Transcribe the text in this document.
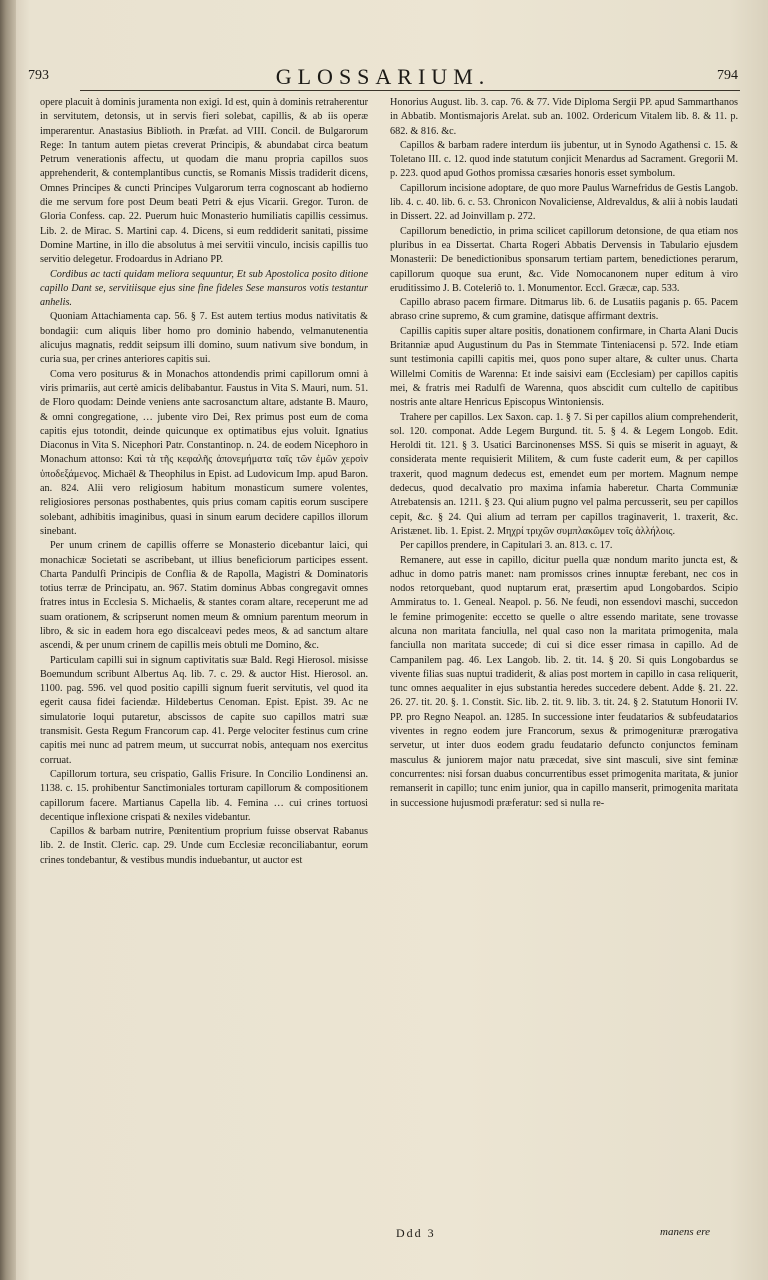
793	GLOSSARIUM.	794

opere placuit à dominis juramenta non exigi. Id est, quin à dominis retraherentur in servitutem, detonsis, ut in servis fieri solebat, capillis, & ab iis operæ imperarentur. Anastasius Biblioth. in Præfat. ad VIII. Concil. de Bulgarorum Rege: In tantum autem pietas creverat Principis, & abundabat circa beatum Petrum venerationis affectu, ut quodam die manu propria capillos suos apprehenderit, & contemplantibus cunctis, se Romanis Missis tradiderit dicens, Omnes Principes & cuncti Principes Vulgarorum terra cognoscant ab hodierno die me servum fore post Deum beati Petri & ejus Vicarii. Gregor. Turon. de Gloria Confess. cap. 22. Puerum huic Monasterio humiliatis capillis cessimus. Lib. 2. de Mirac. S. Martini cap. 4. Dicens, si eum reddiderit sanitati, pissime Domine Martine, in illo die absolutus à mei servitii vinculo, incisis capillis tuo servitio delegetur. Frodoardus in Adriano PP.

Cordibus ac tacti quidam meliora sequuntur, Et sub Apostolica posito ditione capillo Dant se, servitiisque ejus sine fine fideles Sese mansuros votis testantur anhelis.

Quoniam Attachiamenta cap. 56. § 7. Est autem tertius modus nativitatis & bondagii: cum aliquis liber homo pro dominio habendo, velmanutenentia alicujus magnatis, reddit seipsum illi domino, suum nativum sive bondum, in curia sua, per crines anteriores capitis sui.

Coma vero positurus & in Monachos attondendis primi capillorum omni à viris primariis, aut certè amicis delibabantur. Faustus in Vita S. Mauri, num. 51. de Floro quodam: Deinde veniens ante sacrosanctum altare, adstante B. Mauro, & omni congregatione, … jubente viro Dei, Rex primus post eum de coma capitis ejus totondit, deinde quicunque ex optimatibus ejus voluit. Ignatius Diaconus in Vita S. Nicephori Patr. Constantinop. n. 24. de eodem Nicephoro in Monachum attonso: Καὶ τὰ τῆς κεφαλῆς ἀπονεμήματα ταῖς τῶν ἐμῶν χερσὶν ὑποδεξάμενος. Michaël & Theophilus in Epist. ad Ludovicum Imp. apud Baron. an. 824. Alii vero religiosum habitum monasticum sumere volentes, religiosiores personas posthabentes, quis prius comam capitis eorum suscipere solebant, adhibitis imaginibus, quasi in sinum earum decidere capillos illorum sinebant.

Per unum crinem de capillis offerre se Monasterio dicebantur laici, qui monachicæ Societati se ascribebant, ut illius beneficiorum participes essent. Charta Pandulfi Principis de Conflia & de Rapolla, Magistri & Dominatoris totius terræ de Principatu, an. 967. Statim dominus Abbas congregavit omnes fratres intus in Ecclesia S. Michaelis, & stantes coram altare, receperunt me ad suam orationem, & scripserunt nomen meum & omnium parentum meorum in libro, & sic in eadem hora ego discalceavi pedes meos, & ad sanctum altare ascendi, & per unum crinem de capillis meis obtuli me Domino, &c.

Particulam capilli sui in signum captivitatis suæ Bald. Regi Hierosol. misisse Boemundum scribunt Albertus Aq. lib. 7. c. 29. & auctor Hist. Hierosol. an. 1100. pag. 596. vel quod positio capilli signum fuerit servitutis, vel quod ita egerit causa fidei faciendæ. Hildebertus Cenoman. Epist. Epist. 39. Ac ne simulatorie loqui putaretur, abscissos de capite suo capillos matri suæ transmisit. Gesta Regum Francorum cap. 41. Perge velociter festinus cum crine capitis mei nunc ad patrem meum, ut succurrat nobis, antequam nos exercitus corruat.

Capillorum tortura, seu crispatio, Gallis Frisure. In Concilio Londinensi an. 1138. c. 15. prohibentur Sanctimoniales torturam capillorum & compositionem capillorum facere. Martianus Capella lib. 4. Femina … cui crines tortuosi decentique inflexione crispati & nexiles videbantur.

Capillos & barbam nutrire, Pœnitentium proprium fuisse observat Rabanus lib. 2. de Instit. Cleric. cap. 29. Unde cum Ecclesiæ reconciliabantur, eorum crines tondebantur, & vestibus mundis induebantur, ut auctor est

Honorius August. lib. 3. cap. 76. & 77. Vide Diploma Sergii PP. apud Sammarthanos in Abbatib. Montismajoris Arelat. sub an. 1002. Ordericum Vitalem lib. 8. & 11. p. 682. & 816. &c.

Capillos & barbam radere interdum iis jubentur, ut in Synodo Agathensi c. 15. & Toletano III. c. 12. quod inde statutum conjicit Menardus ad Sacrament. Gregorii M. p. 223. quod apud Gothos promissa cæsaries honoris esset symbolum.

Capillorum incisione adoptare, de quo more Paulus Warnefridus de Gestis Langob. lib. 4. c. 40. lib. 6. c. 53. Chronicon Novaliciense, Aldrevaldus, & alii à nobis laudati in Dissert. 22. ad Joinvillam p. 272.

Capillorum benedictio, in prima scilicet capillorum detonsione, de qua etiam nos pluribus in ea Dissertat. Charta Rogeri Abbatis Dervensis in Tabulario ejusdem Monasterii: De benedictionibus sponsarum tertiam partem, benedictiones perarum, capillorum quoque sua erunt, &c. Vide Nomocanonem nuper editum à viro eruditissimo J. B. Coteleriô to. 1. Monumentor. Eccl. Græcæ, cap. 533.

Capillo abraso pacem firmare. Ditmarus lib. 6. de Lusatiis paganis p. 65. Pacem abraso crine supremo, & cum gramine, datisque affirmant dextris.

Capillis capitis super altare positis, donationem confirmare, in Charta Alani Ducis Britanniæ apud Augustinum du Pas in Stemmate Tinteniacensi p. 572. Inde etiam sunt testimonia capilli capitis mei, quos pono super altare, & culter unus. Charta Willelmi Comitis de Warenna: Et inde saisivi eam (Ecclesiam) per capillos capitis mei, & fratris mei Radulfi de Warenna, quos abscidit cum cultello de capitibus nostris ante altare Henricus Episcopus Wintoniensis.

Trahere per capillos. Lex Saxon. cap. 1. § 7. Si per capillos alium comprehenderit, sol. 120. componat. Adde Legem Burgund. tit. 5. § 4. & Legem Longob. Edit. Heroldi tit. 121. § 3. Usatici Barcinonenses MSS. Si quis se miserit in aguayt, & considerata mente requisierit Militem, & cum fuste caderit eum, & per capillos traxerit, quod magnum dedecus est, emendet eum per mortem. Magnum nempe dedecus, quod decalvatio pro maxima infamia haberetur. Charta Communiæ Atrebatensis an. 1211. § 23. Qui alium pugno vel palma percusserit, seu per capillos cepit, &c. § 24. Qui alium ad terram per capillos traginaverit, 1. traxerit, &c. Aristænet. lib. 1. Epist. 2. Μηχρί τριχῶν συμπλακῶμεν τοῖς ἀλλήλοις.

Per capillos prendere, in Capitulari 3. an. 813. c. 17.

Remanere, aut esse in capillo, dicitur puella quæ nondum marito juncta est, & adhuc in domo patris manet: nam promissos crines innuptæ ferebant, nec cos in nodos retorquebant, quod nuptarum erat, præsertim apud Longobardos. Scipio Ammiratus to. 1. Geneal. Neapol. p. 56. Ne feudi, non essendovi maschi, succedon le femine primogenite: eccetto se quelle o altre essendo maritate, sene trovasse alcuna non maritata fanciulla, nel qual caso non la maritata primogenita, mala fanciulla non maritata succede; di cui si dice esser rimasa in capillo. Ad de Campanilem pag. 46. Lex Langob. lib. 2. tit. 14. § 20. Si quis Longobardus se vivente filias suas nuptui tradiderit, & alias post mortem in capillo in casa reliquerit, tunc omnes aequaliter in ejus substantia heredes succedere debent. Adde §. 21. 22. 26. 27. tit. 20. §. 1. Constit. Sic. lib. 2. tit. 9. lib. 3. tit. 24. § 2. Statutum Honorii IV. PP. pro Regno Neapol. an. 1285. In successione inter feudatarios & subfeudatarios viventes in regno eodem jure Francorum, sexus & primogenituræ prærogativa servetur, ut inter duos eodem gradu feudatario defuncto conjunctos feminam masculus & juniorem major natu præcedat, sive sint masculi, sive sint feminæ concurrentes: nisi forsan duabus concurrentibus esset primogenita maritata, & junior remanserit in capillo; tunc enim junior, qua in capillo manserit, primogenita maritata in successione hujusmodi præferatur: sed si nulla re-

Ddd 3	manens ere
